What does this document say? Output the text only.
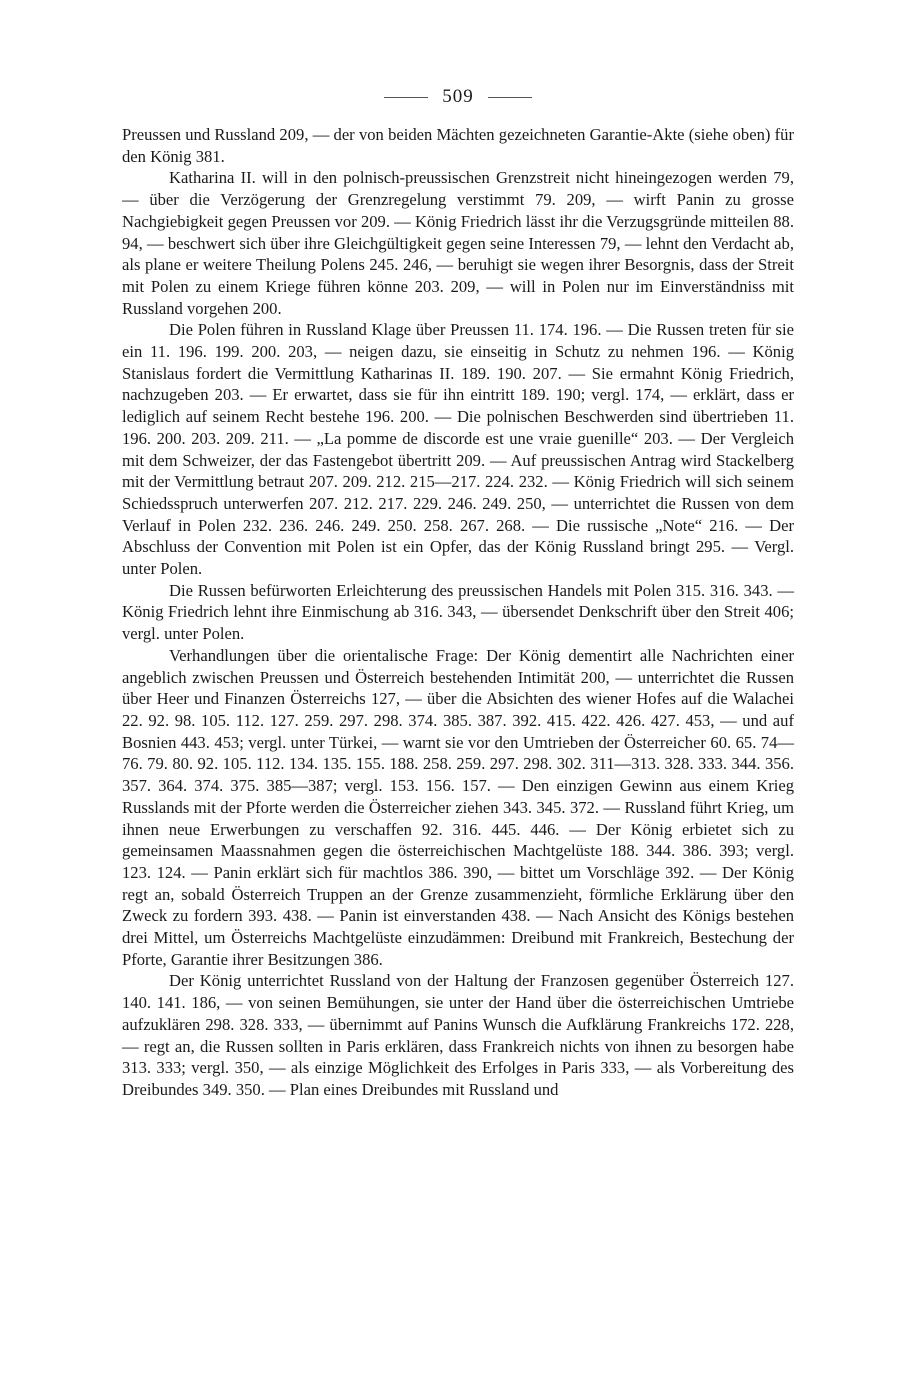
509

Preussen und Russland 209, — der von beiden Mächten gezeichneten Garantie-Akte (siehe oben) für den König 381.

Katharina II. will in den polnisch-preussischen Grenzstreit nicht hineingezogen werden 79, — über die Verzögerung der Grenzregelung verstimmt 79. 209, — wirft Panin zu grosse Nachgiebigkeit gegen Preussen vor 209. — König Friedrich lässt ihr die Verzugsgründe mitteilen 88. 94, — beschwert sich über ihre Gleichgültigkeit gegen seine Interessen 79, — lehnt den Verdacht ab, als plane er weitere Theilung Polens 245. 246, — beruhigt sie wegen ihrer Besorgnis, dass der Streit mit Polen zu einem Kriege führen könne 203. 209, — will in Polen nur im Einverständniss mit Russland vorgehen 200.

Die Polen führen in Russland Klage über Preussen 11. 174. 196. — Die Russen treten für sie ein 11. 196. 199. 200. 203, — neigen dazu, sie einseitig in Schutz zu nehmen 196. — König Stanislaus fordert die Vermittlung Katharinas II. 189. 190. 207. — Sie ermahnt König Friedrich, nachzugeben 203. — Er erwartet, dass sie für ihn eintritt 189. 190; vergl. 174, — erklärt, dass er lediglich auf seinem Recht bestehe 196. 200. — Die polnischen Beschwerden sind übertrieben 11. 196. 200. 203. 209. 211. — „La pomme de discorde est une vraie guenille“ 203. — Der Vergleich mit dem Schweizer, der das Fastengebot übertritt 209. — Auf preussischen Antrag wird Stackelberg mit der Vermittlung betraut 207. 209. 212. 215—217. 224. 232. — König Friedrich will sich seinem Schiedsspruch unterwerfen 207. 212. 217. 229. 246. 249. 250, — unterrichtet die Russen von dem Verlauf in Polen 232. 236. 246. 249. 250. 258. 267. 268. — Die russische „Note“ 216. — Der Abschluss der Convention mit Polen ist ein Opfer, das der König Russland bringt 295. — Vergl. unter Polen.

Die Russen befürworten Erleichterung des preussischen Handels mit Polen 315. 316. 343. — König Friedrich lehnt ihre Einmischung ab 316. 343, — übersendet Denkschrift über den Streit 406; vergl. unter Polen.

Verhandlungen über die orientalische Frage: Der König dementirt alle Nachrichten einer angeblich zwischen Preussen und Österreich bestehenden Intimität 200, — unterrichtet die Russen über Heer und Finanzen Österreichs 127, — über die Absichten des wiener Hofes auf die Walachei 22. 92. 98. 105. 112. 127. 259. 297. 298. 374. 385. 387. 392. 415. 422. 426. 427. 453, — und auf Bosnien 443. 453; vergl. unter Türkei, — warnt sie vor den Umtrieben der Österreicher 60. 65. 74—76. 79. 80. 92. 105. 112. 134. 135. 155. 188. 258. 259. 297. 298. 302. 311—313. 328. 333. 344. 356. 357. 364. 374. 375. 385—387; vergl. 153. 156. 157. — Den einzigen Gewinn aus einem Krieg Russlands mit der Pforte werden die Österreicher ziehen 343. 345. 372. — Russland führt Krieg, um ihnen neue Erwerbungen zu verschaffen 92. 316. 445. 446. — Der König erbietet sich zu gemeinsamen Maassnahmen gegen die österreichischen Machtgelüste 188. 344. 386. 393; vergl. 123. 124. — Panin erklärt sich für machtlos 386. 390, — bittet um Vorschläge 392. — Der König regt an, sobald Österreich Truppen an der Grenze zusammenzieht, förmliche Erklärung über den Zweck zu fordern 393. 438. — Panin ist einverstanden 438. — Nach Ansicht des Königs bestehen drei Mittel, um Österreichs Machtgelüste einzudämmen: Dreibund mit Frankreich, Bestechung der Pforte, Garantie ihrer Besitzungen 386.

Der König unterrichtet Russland von der Haltung der Franzosen gegenüber Österreich 127. 140. 141. 186, — von seinen Bemühungen, sie unter der Hand über die österreichischen Umtriebe aufzuklären 298. 328. 333, — übernimmt auf Panins Wunsch die Aufklärung Frankreichs 172. 228, — regt an, die Russen sollten in Paris erklären, dass Frankreich nichts von ihnen zu besorgen habe 313. 333; vergl. 350, — als einzige Möglichkeit des Erfolges in Paris 333, — als Vorbereitung des Dreibundes 349. 350. — Plan eines Dreibundes mit Russland und
